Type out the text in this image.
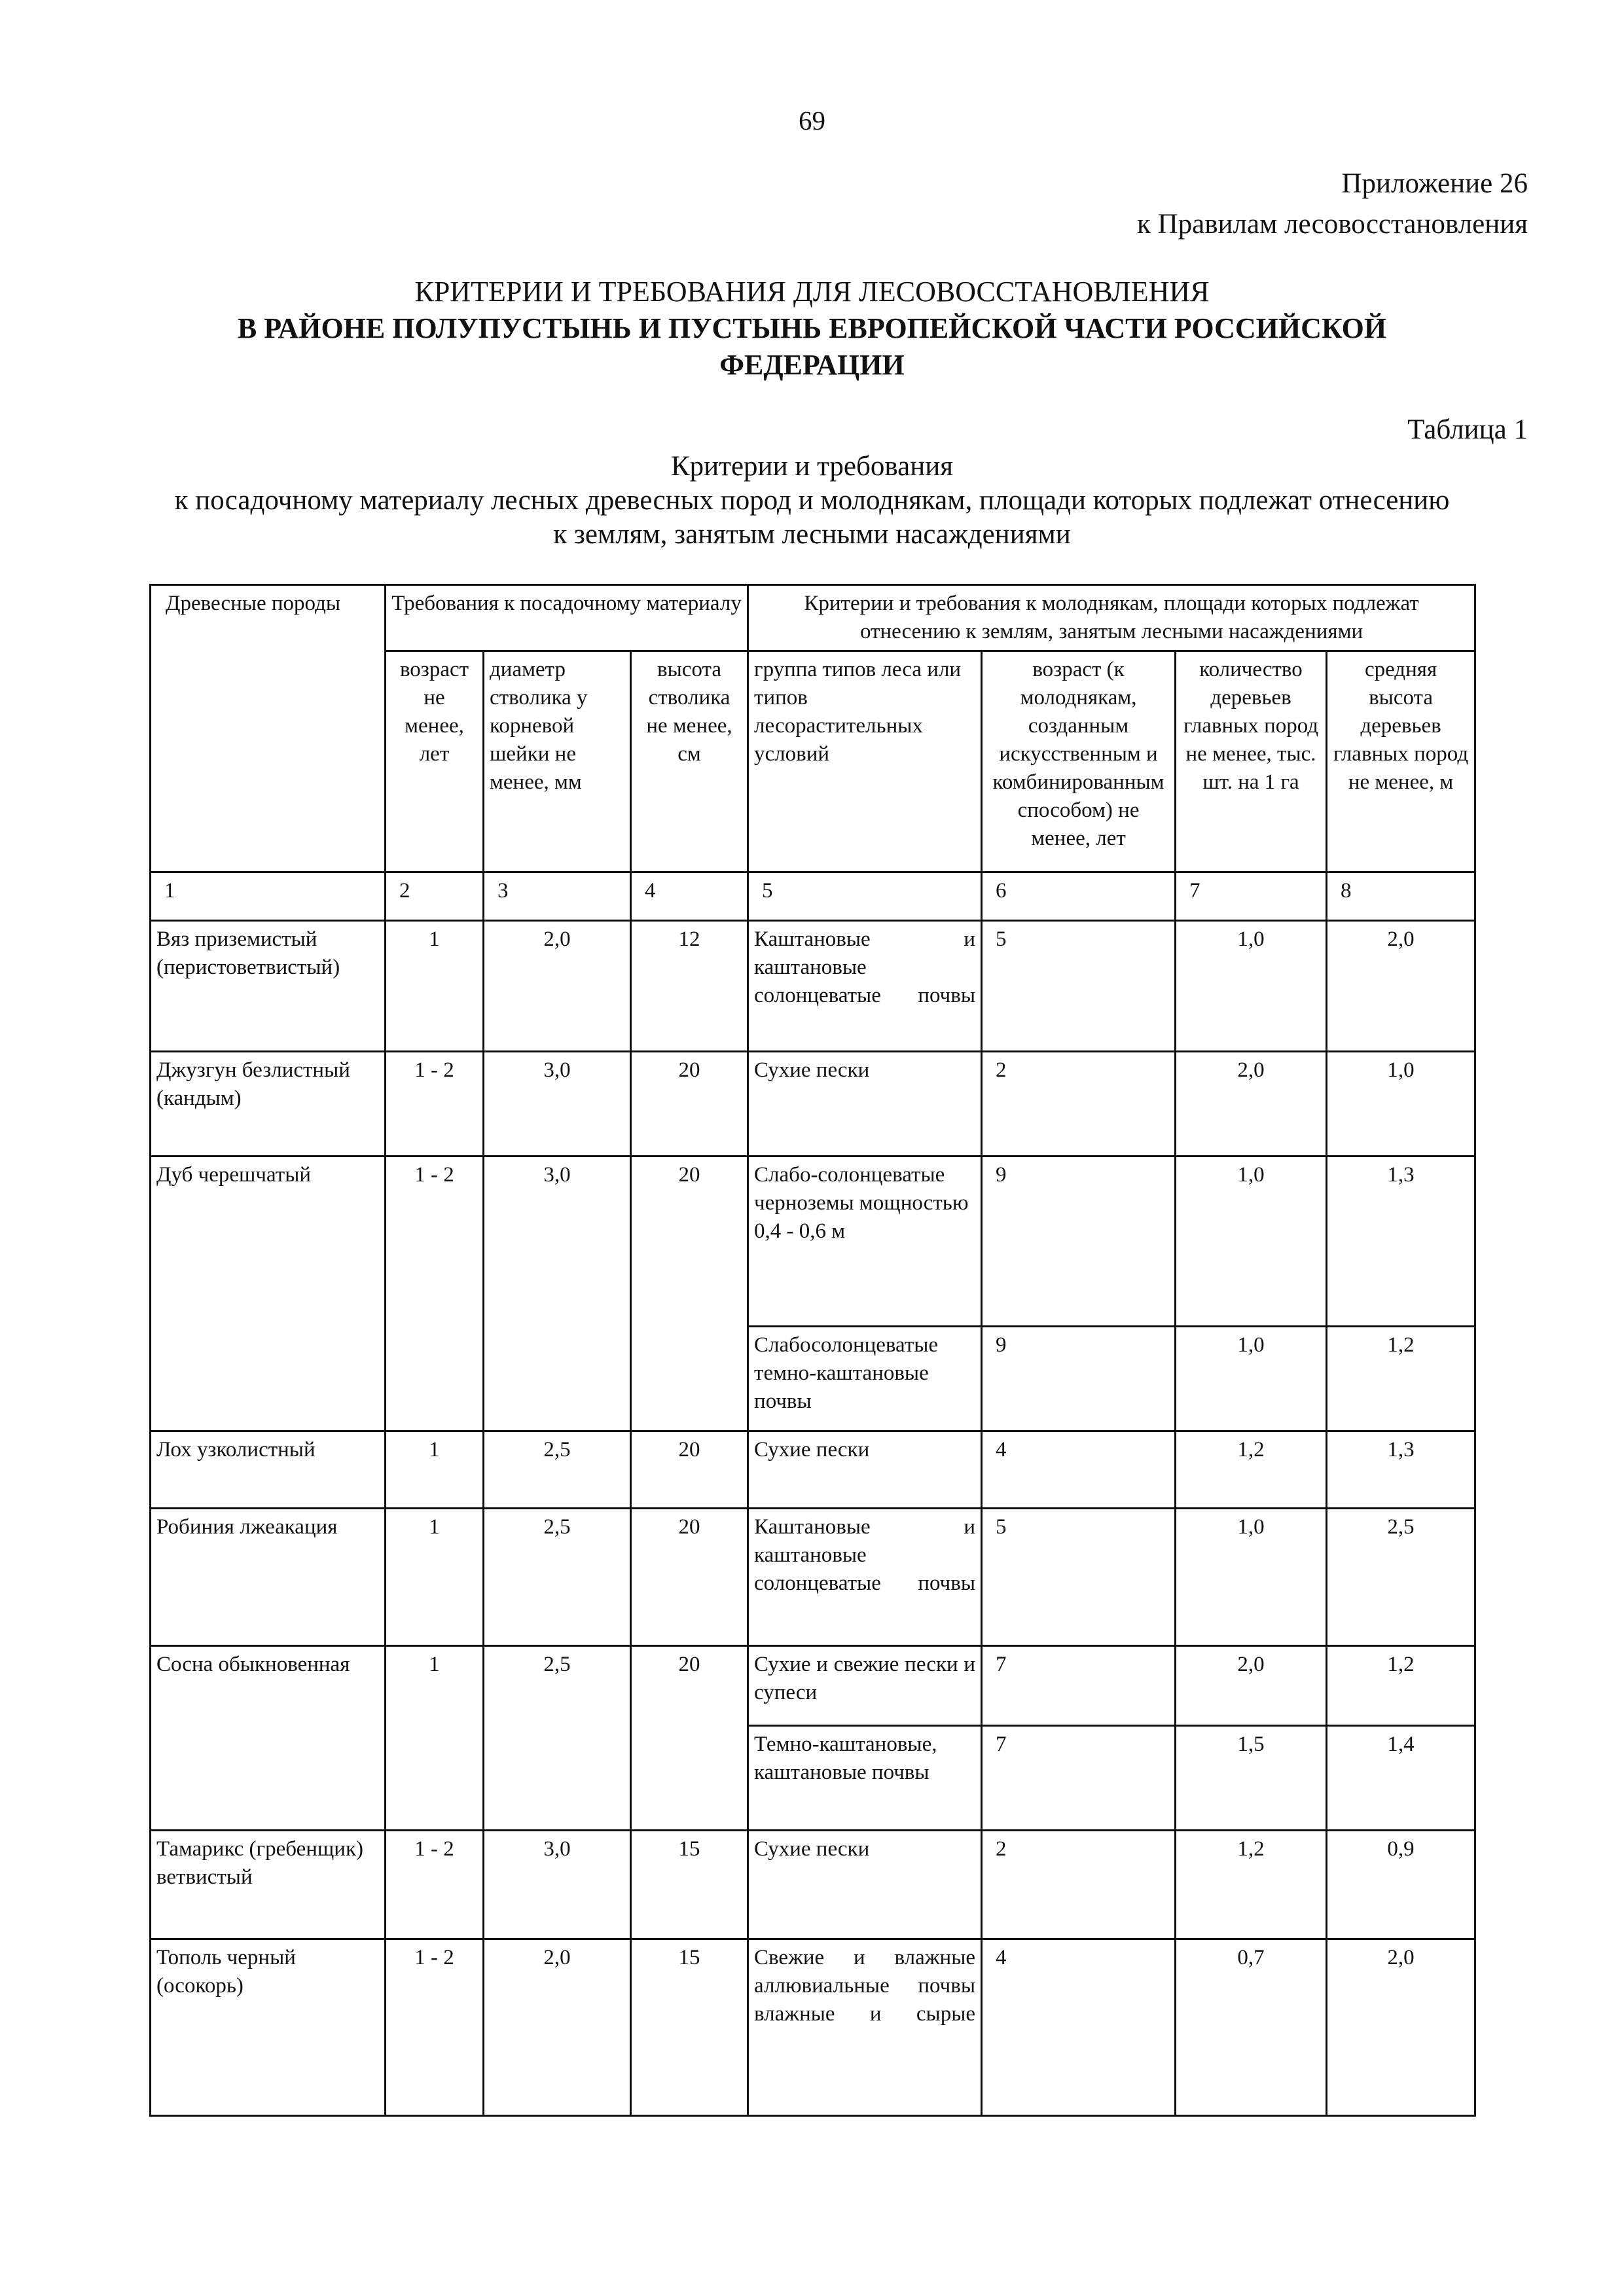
69
Приложение 26
к Правилам лесовосстановления
КРИТЕРИИ И ТРЕБОВАНИЯ ДЛЯ ЛЕСОВОССТАНОВЛЕНИЯ
В РАЙОНЕ ПОЛУПУСТЫНЬ И ПУСТЫНЬ ЕВРОПЕЙСКОЙ ЧАСТИ РОССИЙСКОЙ
ФЕДЕРАЦИИ
Таблица 1
Критерии и требования
к посадочному материалу лесных древесных пород и молоднякам, площади которых подлежат отнесению
к землям, занятым лесными насаждениями
Древесные породы	Требования к посадочному материалу			Критерии и требования к молоднякам, площади которых подлежат отнесению к землям, занятым лесными насаждениями			
	возраст не менее, лет	диаметр стволика у корневой шейки не менее, мм	высота стволика не менее, см	группа типов леса или типов лесорастительных условий	возраст (к молоднякам, созданным искусственным и комбинированным способом) не менее, лет	количество деревьев главных пород не менее, тыс. шт. на 1 га	средняя высота деревьев главных пород не менее, м
1	2	3	4	5	6	7	8
Вяз приземистый (перистоветвистый)	1	2,0	12	Каштановые и каштановые солонцеватые почвы	5	1,0	2,0
Джузгун безлистный (кандым)	1 - 2	3,0	20	Сухие пески	2	2,0	1,0
Дуб черешчатый	1 - 2	3,0	20	Слабо-солонцеватые черноземы мощностью 0,4 - 0,6 м	9	1,0	1,3
				Слабосолонцеватые темно-каштановые почвы	9	1,0	1,2
Лох узколистный	1	2,5	20	Сухие пески	4	1,2	1,3
Робиния лжеакация	1	2,5	20	Каштановые и каштановые солонцеватые почвы	5	1,0	2,5
Сосна обыкновенная	1	2,5	20	Сухие и свежие пески и супеси	7	2,0	1,2
				Темно-каштановые, каштановые почвы	7	1,5	1,4
Тамарикс (гребенщик) ветвистый	1 - 2	3,0	15	Сухие пески	2	1,2	0,9
Тополь черный (осокорь)	1 - 2	2,0	15	Свежие и влажные аллювиальные почвы влажные и сырые	4	0,7	2,0
